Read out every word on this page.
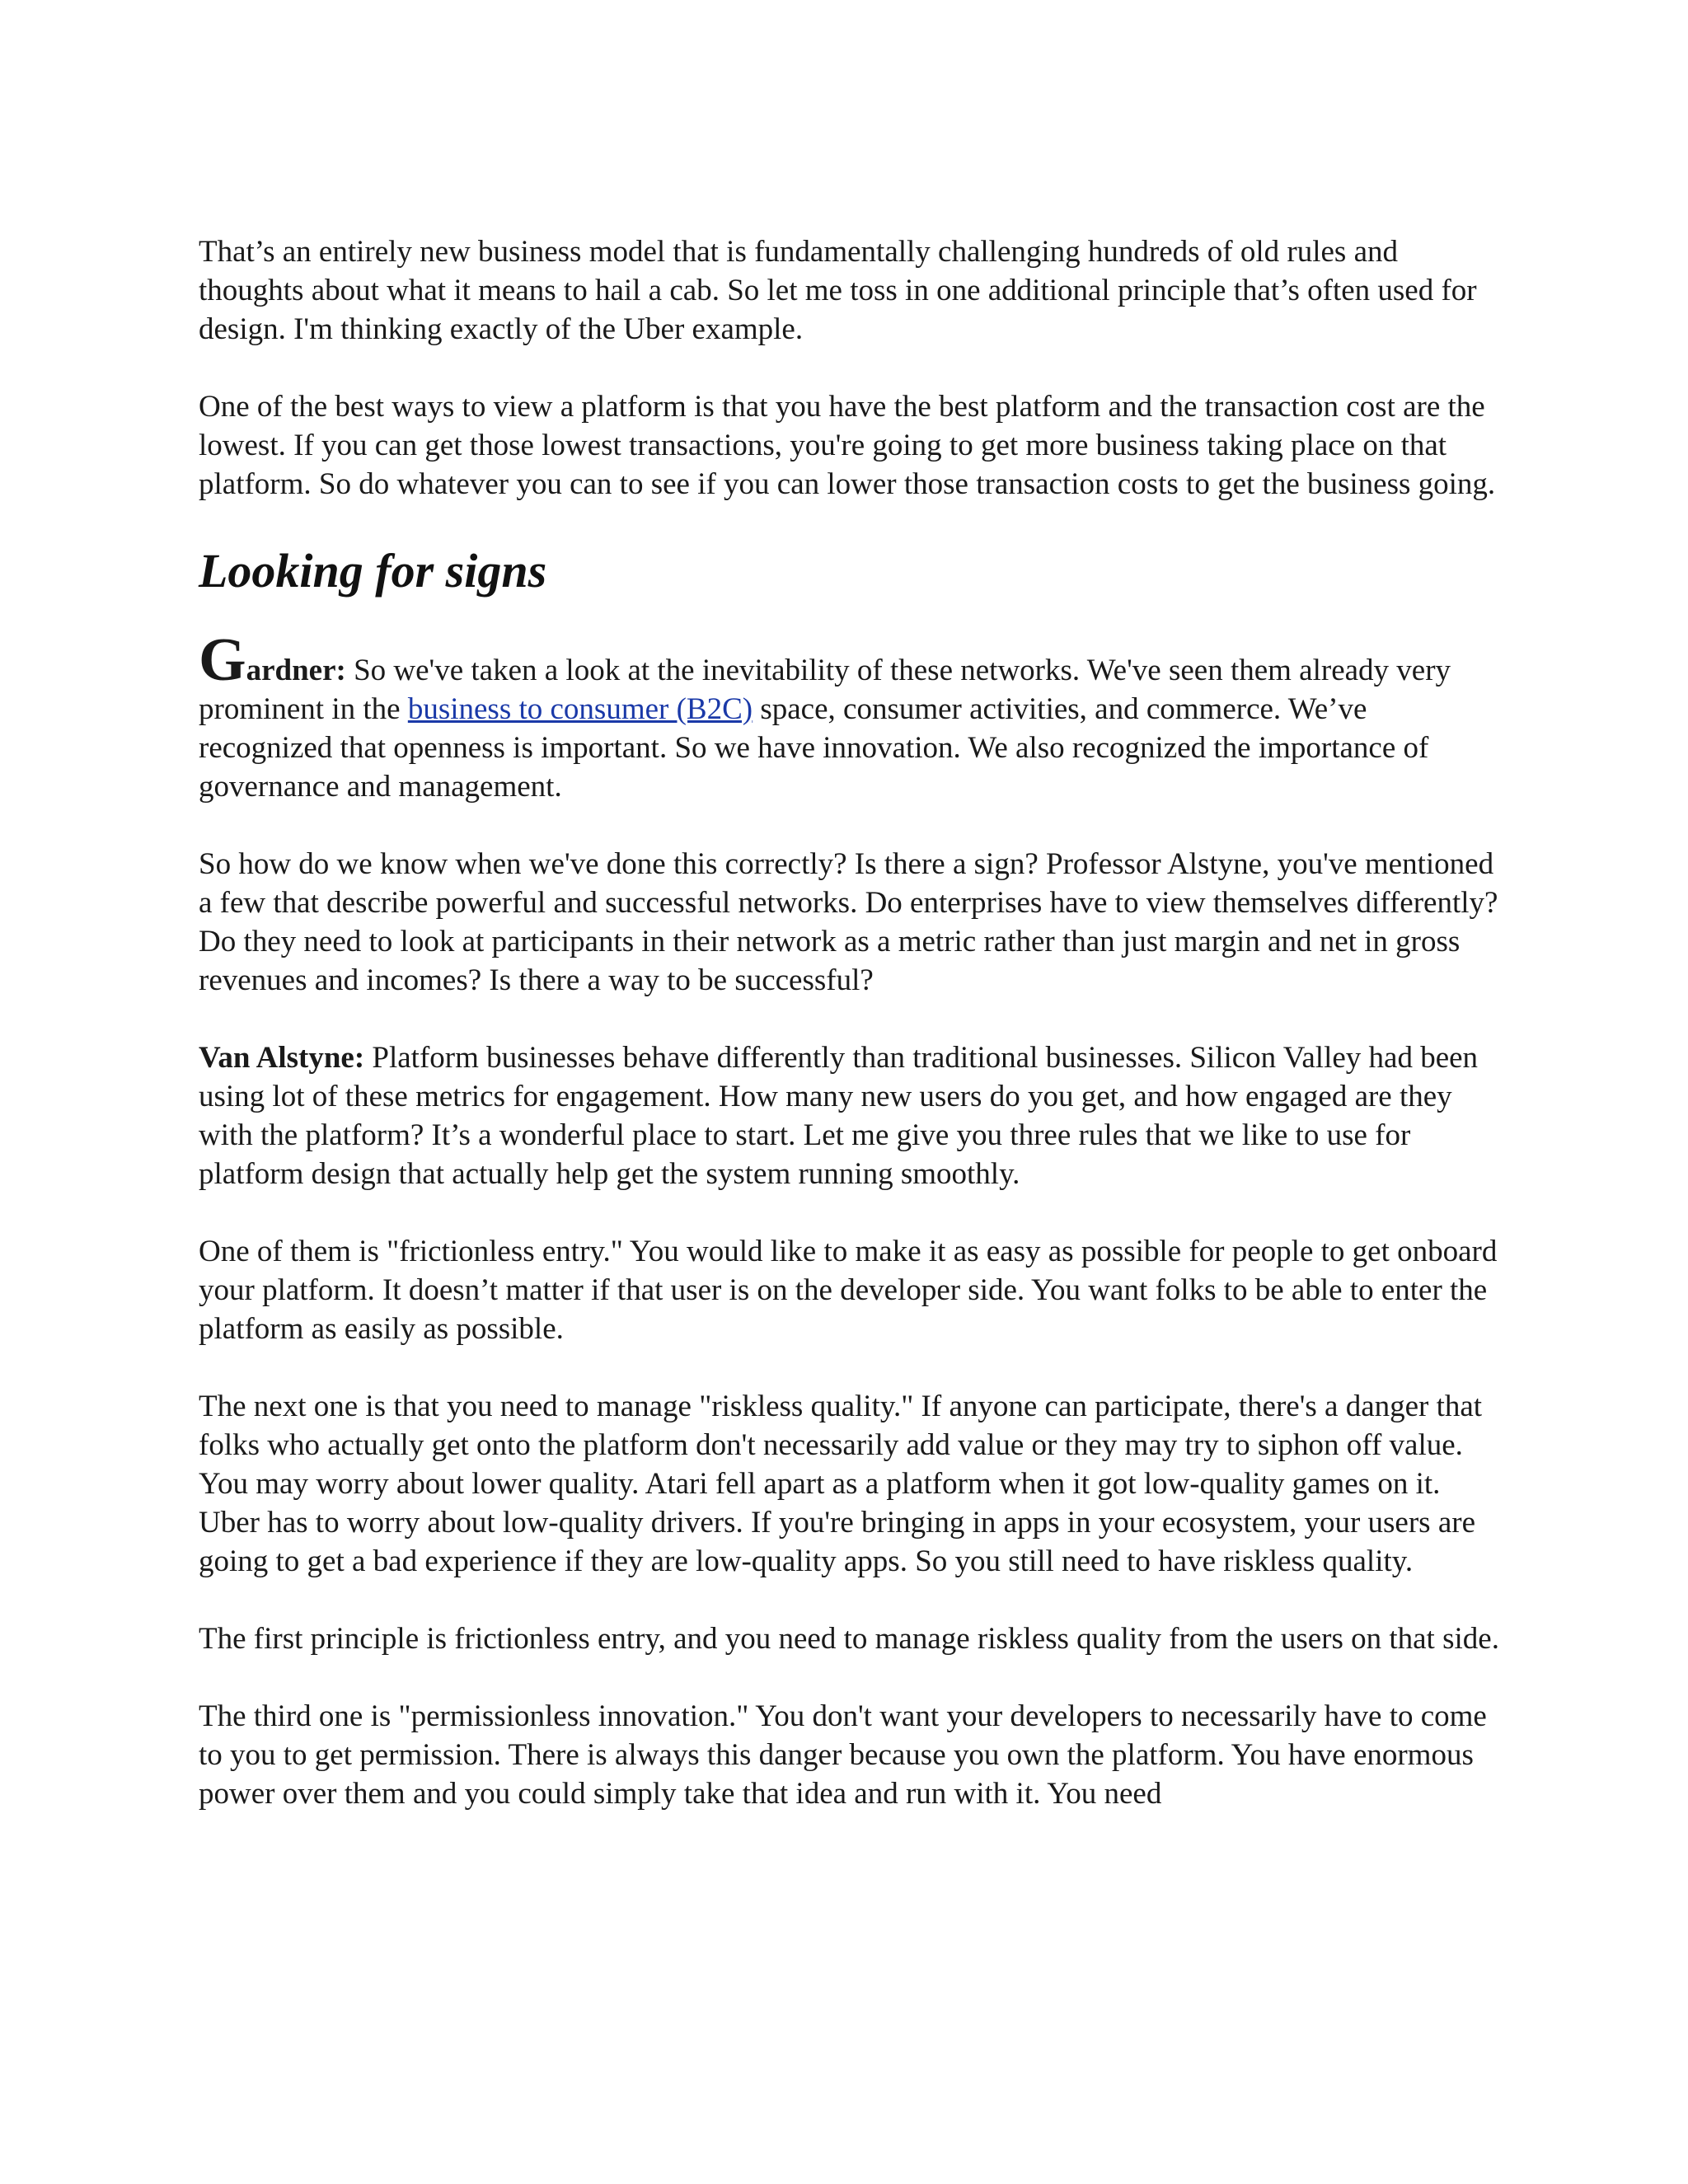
That’s an entirely new business model that is fundamentally challenging hundreds of old rules and thoughts about what it means to hail a cab. So let me toss in one additional principle that’s often used for design. I'm thinking exactly of the Uber example.

One of the best ways to view a platform is that you have the best platform and the transaction cost are the lowest. If you can get those lowest transactions, you're going to get more business taking place on that platform. So do whatever you can to see if you can lower those transaction costs to get the business going.

Looking for signs

Gardner: So we've taken a look at the inevitability of these networks. We've seen them already very prominent in the business to consumer (B2C) space, consumer activities, and commerce. We’ve recognized that openness is important. So we have innovation. We also recognized the importance of governance and management.

So how do we know when we've done this correctly? Is there a sign? Professor Alstyne, you've mentioned a few that describe powerful and successful networks. Do enterprises have to view themselves differently? Do they need to look at participants in their network as a metric rather than just margin and net in gross revenues and incomes? Is there a way to be successful?

Van Alstyne: Platform businesses behave differently than traditional businesses. Silicon Valley had been using lot of these metrics for engagement. How many new users do you get, and how engaged are they with the platform? It’s a wonderful place to start. Let me give you three rules that we like to use for platform design that actually help get the system running smoothly.

One of them is "frictionless entry." You would like to make it as easy as possible for people to get onboard your platform. It doesn’t matter if that user is on the developer side. You want folks to be able to enter the platform as easily as possible.

The next one is that you need to manage "riskless quality." If anyone can participate, there's a danger that folks who actually get onto the platform don't necessarily add value or they may try to siphon off value. You may worry about lower quality. Atari fell apart as a platform when it got low-quality games on it. Uber has to worry about low-quality drivers. If you're bringing in apps in your ecosystem, your users are going to get a bad experience if they are low-quality apps. So you still need to have riskless quality.

The first principle is frictionless entry, and you need to manage riskless quality from the users on that side.

The third one is "permissionless innovation." You don't want your developers to necessarily have to come to you to get permission. There is always this danger because you own the platform. You have enormous power over them and you could simply take that idea and run with it. You need
